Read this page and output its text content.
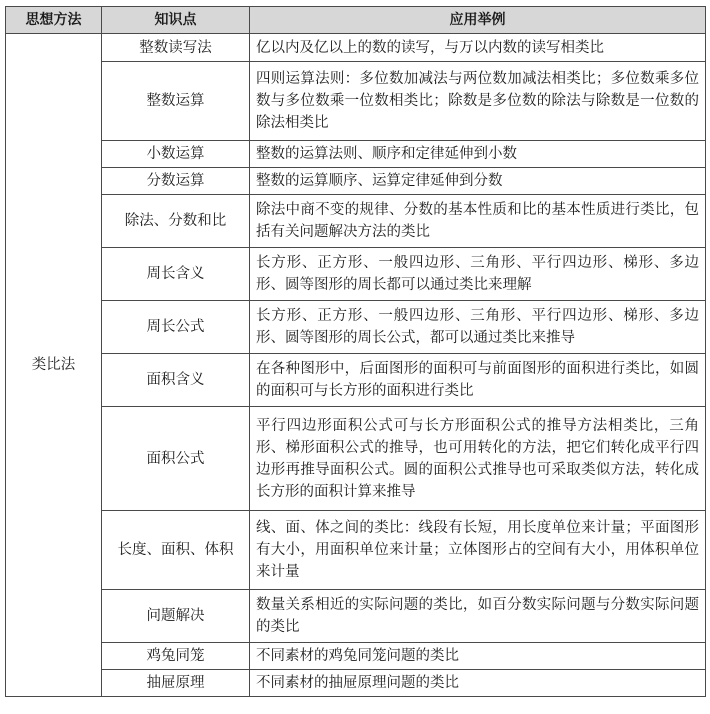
思想方法	知识点	应用举例
类比法	整数读写法	亿以内及亿以上的数的读写，与万以内数的读写相类比
	整数运算	四则运算法则：多位数加减法与两位数加减法相类比；多位数乘多位数与多位数乘一位数相类比；除数是多位数的除法与除数是一位数的除法相类比
	小数运算	整数的运算法则、顺序和定律延伸到小数
	分数运算	整数的运算顺序、运算定律延伸到分数
	除法、分数和比	除法中商不变的规律、分数的基本性质和比的基本性质进行类比，包括有关问题解决方法的类比
	周长含义	长方形、正方形、一般四边形、三角形、平行四边形、梯形、多边形、圆等图形的周长都可以通过类比来理解
	周长公式	长方形、正方形、一般四边形、三角形、平行四边形、梯形、多边形、圆等图形的周长公式，都可以通过类比来推导
	面积含义	在各种图形中，后面图形的面积可与前面图形的面积进行类比，如圆的面积可与长方形的面积进行类比
	面积公式	平行四边形面积公式可与长方形面积公式的推导方法相类比，三角形、梯形面积公式的推导，也可用转化的方法，把它们转化成平行四边形再推导面积公式。圆的面积公式推导也可采取类似方法，转化成长方形的面积计算来推导
	长度、面积、体积	线、面、体之间的类比：线段有长短，用长度单位来计量；平面图形有大小，用面积单位来计量；立体图形占的空间有大小，用体积单位来计量
	问题解决	数量关系相近的实际问题的类比，如百分数实际问题与分数实际问题的类比
	鸡兔同笼	不同素材的鸡兔同笼问题的类比
	抽屉原理	不同素材的抽屉原理问题的类比
